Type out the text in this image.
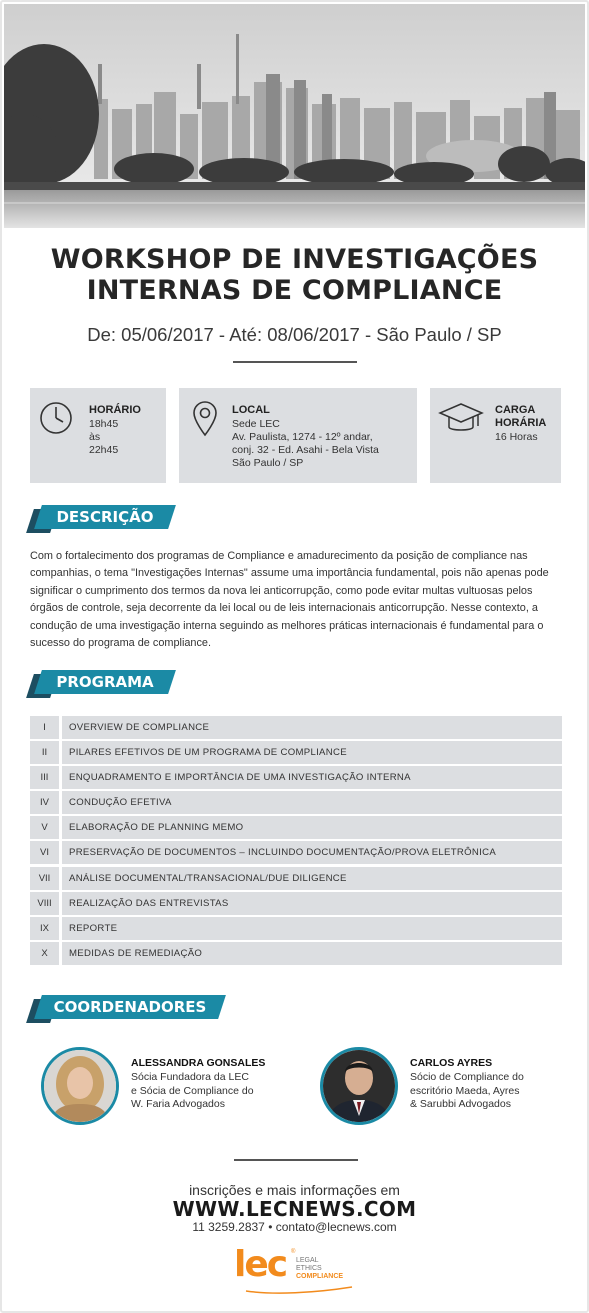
WORKSHOP DE INVESTIGAÇÕES
INTERNAS DE COMPLIANCE
De: 05/06/2017 - Até: 08/06/2017 - São Paulo / SP
HORÁRIO
18h45
às
22h45
LOCAL
Sede LEC
Av. Paulista, 1274 - 12º andar,
conj. 32 - Ed. Asahi - Bela Vista
São Paulo / SP
CARGA
HORÁRIA
16 Horas
DESCRIÇÃO
Com o fortalecimento dos programas de Compliance e amadurecimento da posição de compliance nas companhias, o tema "Investigações Internas" assume uma importância fundamental, pois não apenas pode significar o cumprimento dos termos da nova lei anticorrupção, como pode evitar multas vultuosas pelos órgãos de controle, seja decorrente da lei local ou de leis internacionais anticorrupção. Nesse contexto, a condução de uma investigação interna seguindo as melhores práticas internacionais é fundamental para o sucesso do programa de compliance.
PROGRAMA
I	OVERVIEW DE COMPLIANCE
II	PILARES EFETIVOS DE UM PROGRAMA DE COMPLIANCE
III	ENQUADRAMENTO E IMPORTÂNCIA DE UMA INVESTIGAÇÃO INTERNA
IV	CONDUÇÃO EFETIVA
V	ELABORAÇÃO DE PLANNING MEMO
VI	PRESERVAÇÃO DE DOCUMENTOS – INCLUINDO DOCUMENTAÇÃO/PROVA ELETRÔNICA
VII	ANÁLISE DOCUMENTAL/TRANSACIONAL/DUE DILIGENCE
VIII	REALIZAÇÃO DAS ENTREVISTAS
IX	REPORTE
X	MEDIDAS DE REMEDIAÇÃO
COORDENADORES
ALESSANDRA GONSALES
Sócia Fundadora da LEC
e Sócia de Compliance do
W. Faria Advogados
CARLOS AYRES
Sócio de Compliance do
escritório Maeda, Ayres
& Sarubbi Advogados
inscrições e mais informações em
WWW.LECNEWS.COM
11 3259.2837 • contato@lecnews.com
lec ®
LEGAL
ETHICS
COMPLIANCE
